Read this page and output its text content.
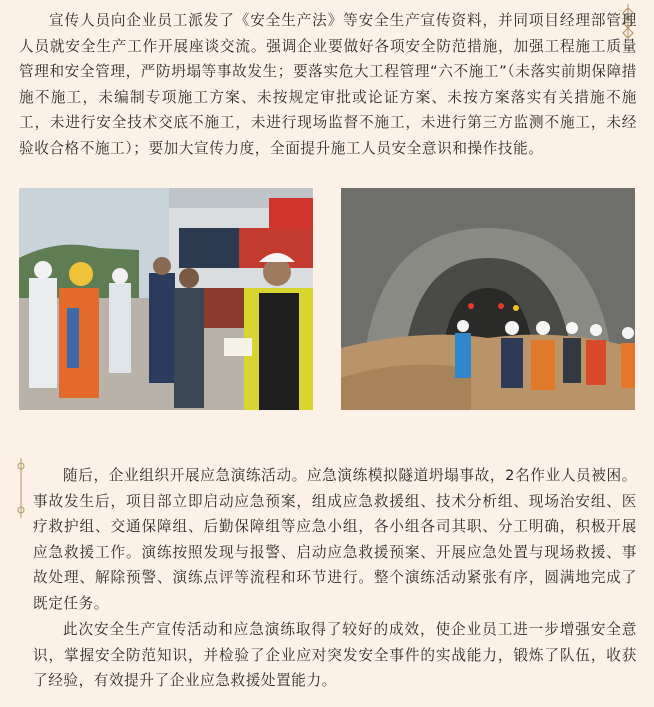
宣传人员向企业员工派发了《安全生产法》等安全生产宣传资料，并同项目经理部管理人员就安全生产工作开展座谈交流。强调企业要做好各项安全防范措施，加强工程施工质量管理和安全管理，严防坍塌等事故发生；要落实危大工程管理“六不施工”（未落实前期保障措施不施工，未编制专项施工方案、未按规定审批或论证方案、未按方案落实有关措施不施工，未进行安全技术交底不施工，未进行现场监督不施工，未进行第三方监测不施工，未经验收合格不施工）；要加大宣传力度，全面提升施工人员安全意识和操作技能。

随后，企业组织开展应急演练活动。应急演练模拟隧道坍塌事故，2名作业人员被困。事故发生后，项目部立即启动应急预案，组成应急救援组、技术分析组、现场治安组、医疗救护组、交通保障组、后勤保障组等应急小组，各小组各司其职、分工明确，积极开展应急救援工作。演练按照发现与报警、启动应急救援预案、开展应急处置与现场救援、事故处理、解除预警、演练点评等流程和环节进行。整个演练活动紧张有序，圆满地完成了既定任务。

此次安全生产宣传活动和应急演练取得了较好的成效，使企业员工进一步增强安全意识，掌握安全防范知识，并检验了企业应对突发安全事件的实战能力，锻炼了队伍，收获了经验，有效提升了企业应急救援处置能力。
